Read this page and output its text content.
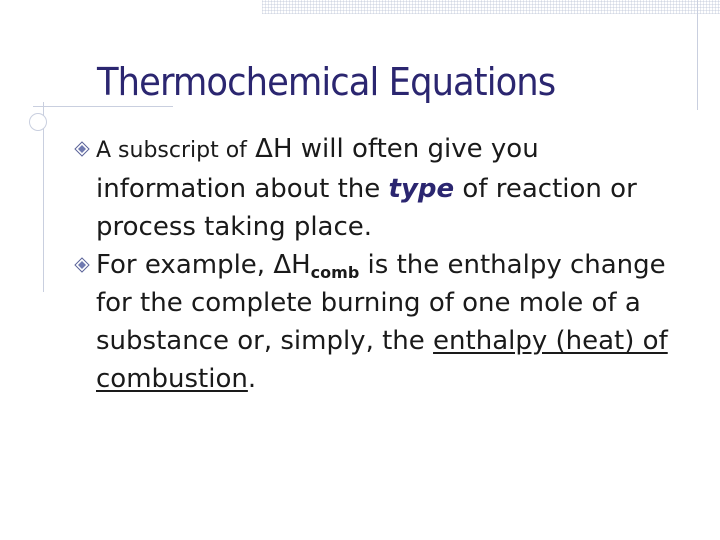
Thermochemical Equations

A subscript of ΔH will often give you information about the type of reaction or process taking place.

For example, $\Delta H_{comb}$ is the enthalpy change for the complete burning of one mole of a substance or, simply, the enthalpy (heat) of combustion.
